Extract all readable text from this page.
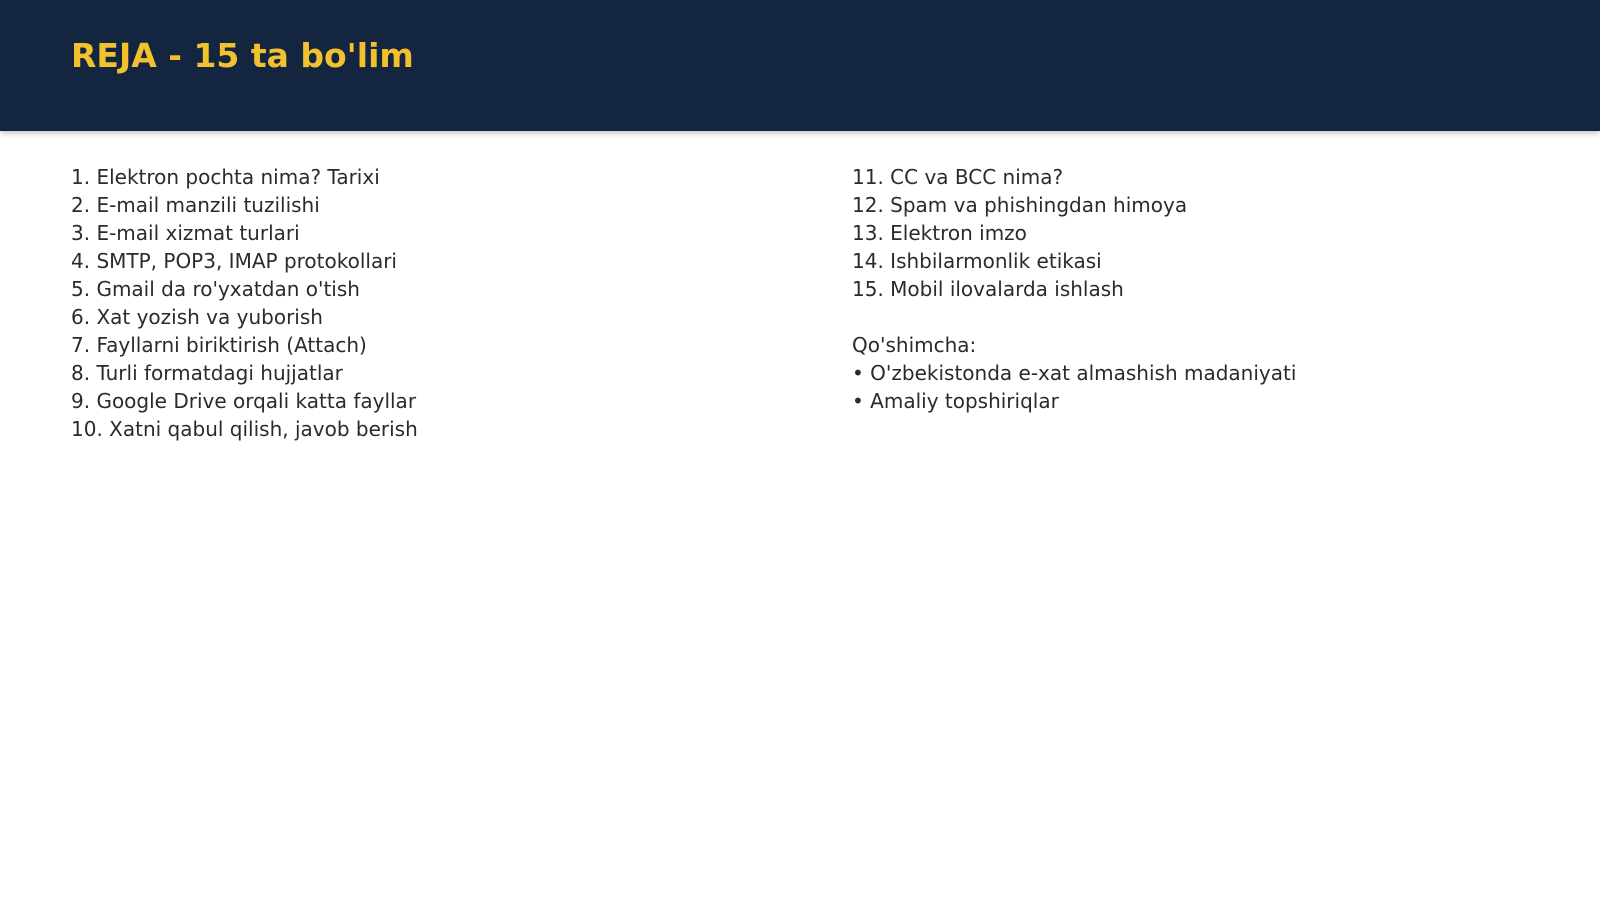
REJA - 15 ta bo'lim
1. Elektron pochta nima? Tarixi
2. E-mail manzili tuzilishi
3. E-mail xizmat turlari
4. SMTP, POP3, IMAP protokollari
5. Gmail da ro'yxatdan o'tish
6. Xat yozish va yuborish
7. Fayllarni biriktirish (Attach)
8. Turli formatdagi hujjatlar
9. Google Drive orqali katta fayllar
10. Xatni qabul qilish, javob berish
11. CC va BCC nima?
12. Spam va phishingdan himoya
13. Elektron imzo
14. Ishbilarmonlik etikasi
15. Mobil ilovalarda ishlash
Qo'shimcha:
• O'zbekistonda e-xat almashish madaniyati
• Amaliy topshiriqlar
